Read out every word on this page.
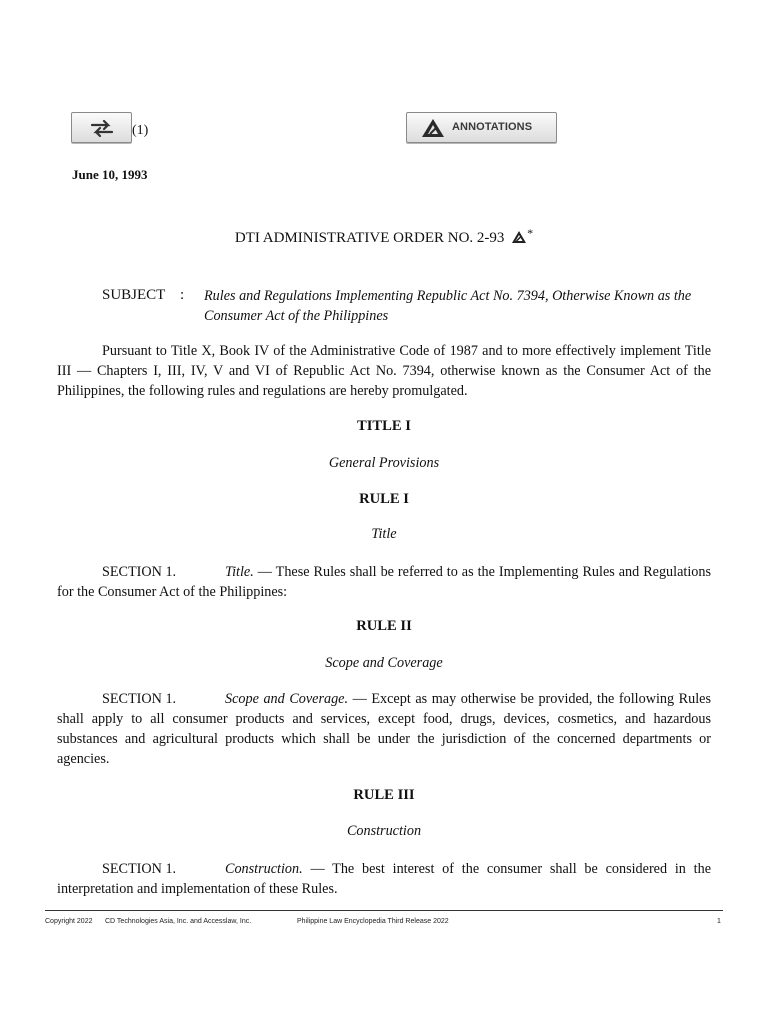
(1)	ANNOTATIONS
June 10, 1993
DTI ADMINISTRATIVE ORDER NO. 2-93 *
SUBJECT : Rules and Regulations Implementing Republic Act No. 7394, Otherwise Known as the Consumer Act of the Philippines
Pursuant to Title X, Book IV of the Administrative Code of 1987 and to more effectively implement Title III — Chapters I, III, IV, V and VI of Republic Act No. 7394, otherwise known as the Consumer Act of the Philippines, the following rules and regulations are hereby promulgated.
TITLE I
General Provisions
RULE I
Title
SECTION 1.	Title. — These Rules shall be referred to as the Implementing Rules and Regulations for the Consumer Act of the Philippines:
RULE II
Scope and Coverage
SECTION 1.	Scope and Coverage. — Except as may otherwise be provided, the following Rules shall apply to all consumer products and services, except food, drugs, devices, cosmetics, and hazardous substances and agricultural products which shall be under the jurisdiction of the concerned departments or agencies.
RULE III
Construction
SECTION 1.	Construction. — The best interest of the consumer shall be considered in the interpretation and implementation of these Rules.
Copyright 2022 CD Technologies Asia, Inc. and Accesslaw, Inc.	Philippine Law Encyclopedia Third Release 2022	1
